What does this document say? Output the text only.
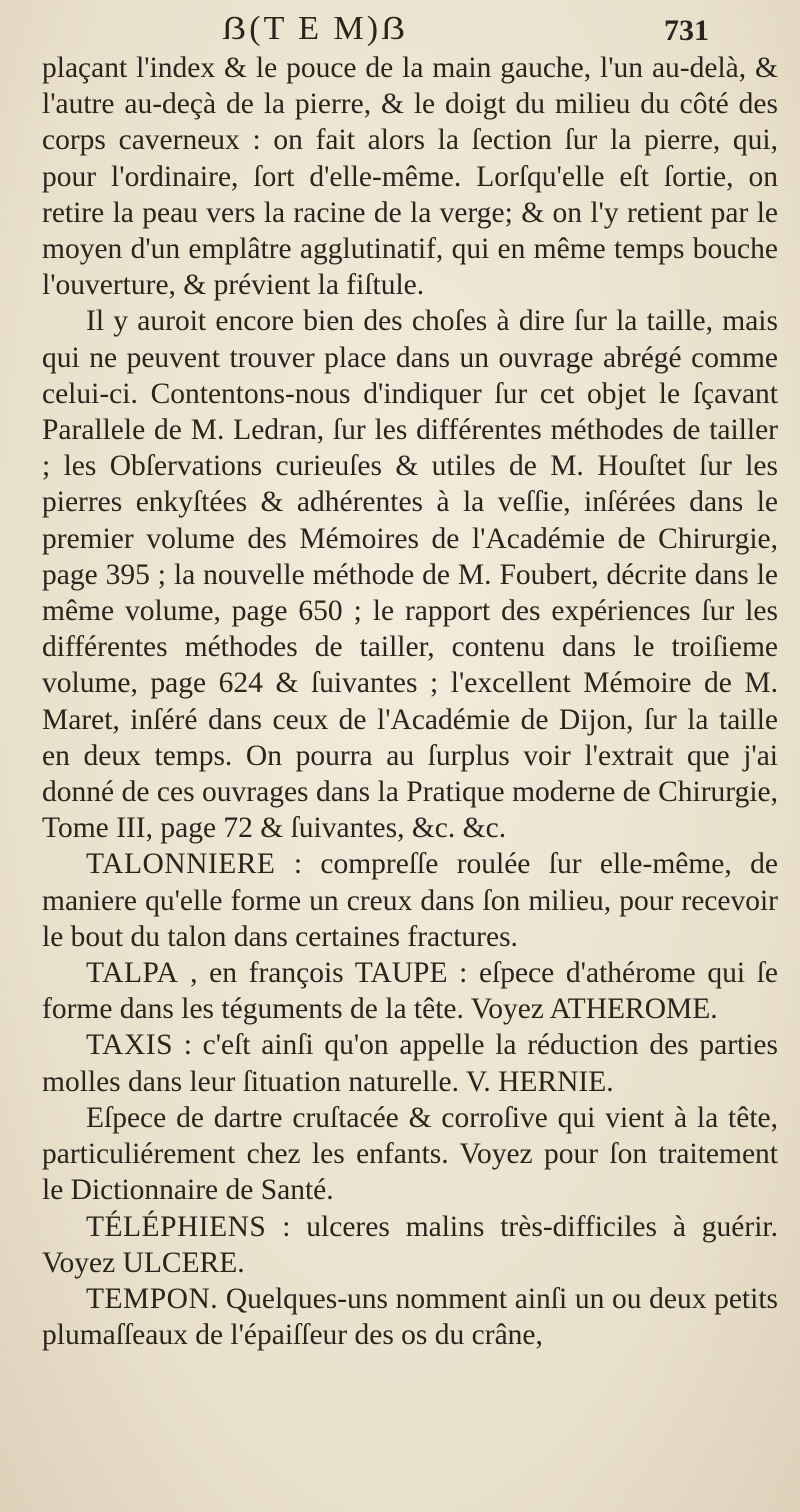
ẞ(T E M)ẞ	731

plaçant l'index & le pouce de la main gauche, l'un au-delà, & l'autre au-deçà de la pierre, & le doigt du milieu du côté des corps caverneux : on fait alors la ſection ſur la pierre, qui, pour l'ordinaire, ſort d'elle-même. Lorſqu'elle eſt ſortie, on retire la peau vers la racine de la verge; & on l'y retient par le moyen d'un emplâtre agglutinatif, qui en même temps bouche l'ouverture, & prévient la fiſtule.

Il y auroit encore bien des choſes à dire ſur la taille, mais qui ne peuvent trouver place dans un ouvrage abrégé comme celui-ci. Contentons-nous d'indiquer ſur cet objet le ſçavant Parallele de M. Ledran, ſur les différentes méthodes de tailler ; les Obſervations curieuſes & utiles de M. Houſtet ſur les pierres enkyſtées & adhérentes à la veſſie, inſérées dans le premier volume des Mémoires de l'Académie de Chirurgie, page 395 ; la nouvelle méthode de M. Foubert, décrite dans le même volume, page 650 ; le rapport des expériences ſur les différentes méthodes de tailler, contenu dans le troiſieme volume, page 624 & ſuivantes ; l'excellent Mémoire de M. Maret, inſéré dans ceux de l'Académie de Dijon, ſur la taille en deux temps. On pourra au ſurplus voir l'extrait que j'ai donné de ces ouvrages dans la Pratique moderne de Chirurgie, Tome III, page 72 & ſuivantes, &c. &c.

TALONNIERE : compreſſe roulée ſur elle-même, de maniere qu'elle forme un creux dans ſon milieu, pour recevoir le bout du talon dans certaines fractures.

TALPA , en françois TAUPE : eſpece d'athérome qui ſe forme dans les téguments de la tête. Voyez ATHEROME.

TAXIS : c'eſt ainſi qu'on appelle la réduction des parties molles dans leur ſituation naturelle. V. HERNIE.

Eſpece de dartre cruſtacée & corroſive qui vient à la tête, particuliérement chez les enfants. Voyez pour ſon traitement le Dictionnaire de Santé.

TÉLÉPHIENS : ulceres malins très-difficiles à guérir. Voyez ULCERE.

TEMPON. Quelques-uns nomment ainſi un ou deux petits plumaſſeaux de l'épaiſſeur des os du crâne,
